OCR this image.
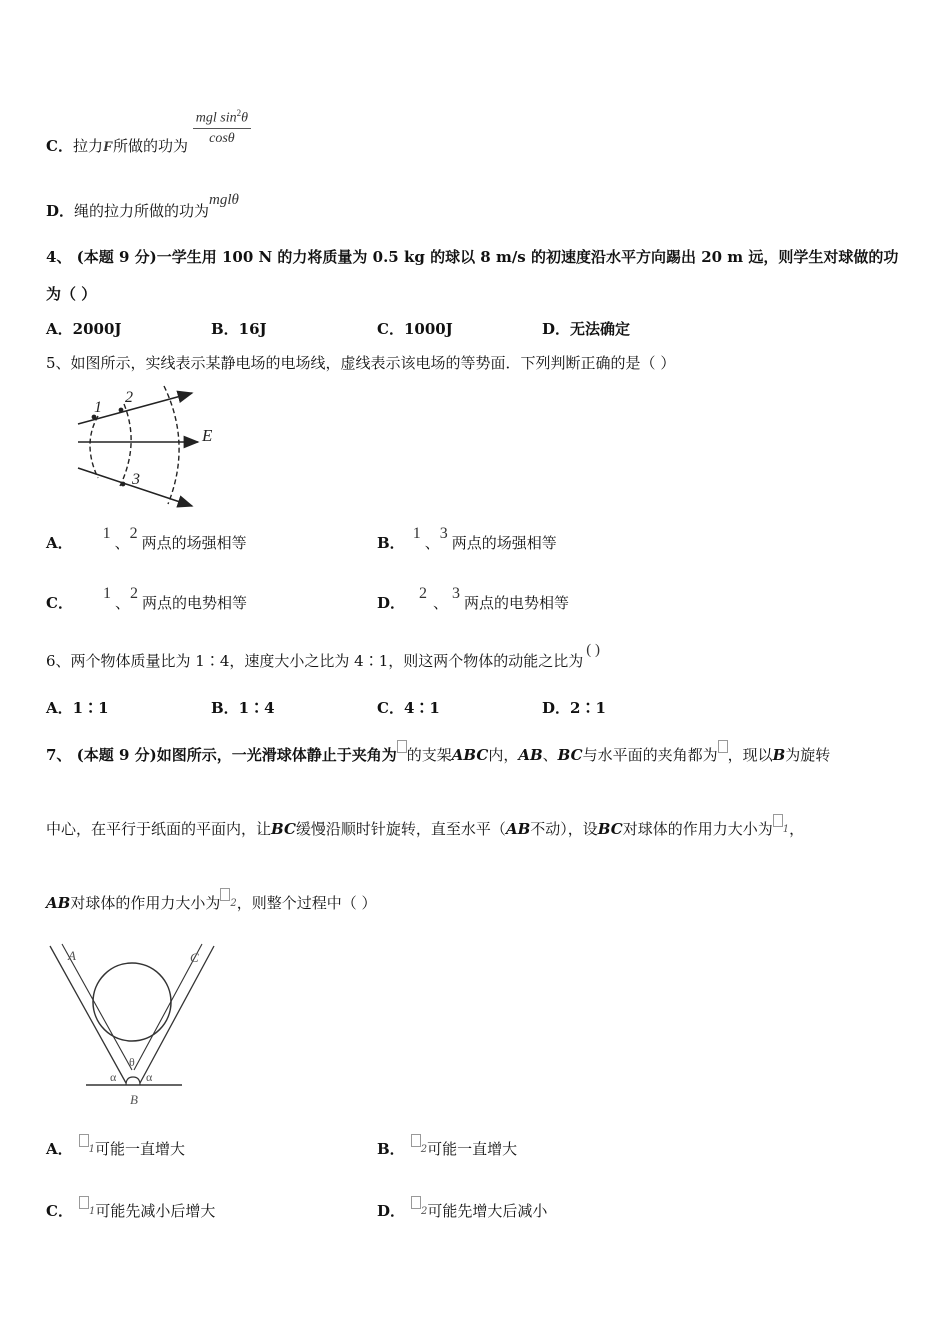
C．拉力F所做的功为 $\frac{mgl \sin^2\theta}{\cos\theta}$
D．绳的拉力所做的功为mglθ
4、 (本题 9 分)一学生用 100 N 的力将质量为 0.5 kg 的球以 8 m/s 的初速度沿水平方向踢出 20 m 远，则学生对球做的功
为（ ）
A．2000J	B．16J	C．1000J	D．无法确定
5、如图所示，实线表示某静电场的电场线，虚线表示该电场的等势面．下列判断正确的是（ ）
1
2
3
E
A．1、2两点的场强相等	B．1、3两点的场强相等
C．1、2两点的电势相等	D．2、3两点的电势相等
6、两个物体质量比为 1∶4，速度大小之比为 4∶1，则这两个物体的动能之比为( )
A．1∶1	B．1∶4	C．4∶1	D．2∶1
7、 (本题 9 分)如图所示，一光滑球体静止于夹角为 的支架ABC内，AB、BC与水平面的夹角都为 ，现以B为旋转
中心，在平行于纸面的平面内，让BC缓慢沿顺时针旋转，直至水平（AB不动），设BC对球体的作用力大小为 1，
AB对球体的作用力大小为 2，则整个过程中（ ）
A	C
B
θ
α α
A． 1可能一直增大	B． 2可能一直增大
C． 1可能先减小后增大	D． 2可能先增大后减小
